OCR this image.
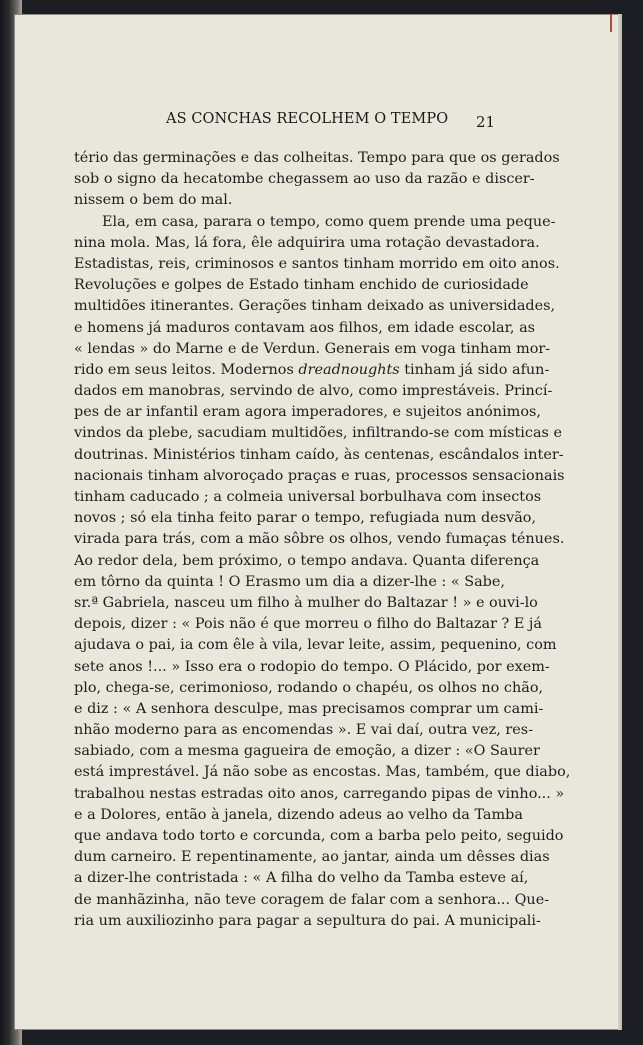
AS CONCHAS RECOLHEM O TEMPO	21
tério das germinações e das colheitas. Tempo para que os gerados
sob o signo da hecatombe chegassem ao uso da razão e discer-
nissem o bem do mal.
Ela, em casa, parara o tempo, como quem prende uma peque-
nina mola. Mas, lá fora, êle adquirira uma rotação devastadora.
Estadistas, reis, criminosos e santos tinham morrido em oito anos.
Revoluções e golpes de Estado tinham enchido de curiosidade
multidões itinerantes. Gerações tinham deixado as universidades,
e homens já maduros contavam aos filhos, em idade escolar, as
« lendas » do Marne e de Verdun. Generais em voga tinham mor-
rido em seus leitos. Modernos dreadnoughts tinham já sido afun-
dados em manobras, servindo de alvo, como imprestáveis. Princí-
pes de ar infantil eram agora imperadores, e sujeitos anónimos,
vindos da plebe, sacudiam multidões, infiltrando-se com místicas e
doutrinas. Ministérios tinham caído, às centenas, escândalos inter-
nacionais tinham alvoroçado praças e ruas, processos sensacionais
tinham caducado ; a colmeia universal borbulhava com insectos
novos ; só ela tinha feito parar o tempo, refugiada num desvão,
virada para trás, com a mão sôbre os olhos, vendo fumaças ténues.
Ao redor dela, bem próximo, o tempo andava. Quanta diferença
em tôrno da quinta ! O Erasmo um dia a dizer-lhe : « Sabe,
sr.ª Gabriela, nasceu um filho à mulher do Baltazar ! » e ouvi-lo
depois, dizer : « Pois não é que morreu o filho do Baltazar ? E já
ajudava o pai, ia com êle à vila, levar leite, assim, pequenino, com
sete anos !... » Isso era o rodopio do tempo. O Plácido, por exem-
plo, chega-se, cerimonioso, rodando o chapéu, os olhos no chão,
e diz : « A senhora desculpe, mas precisamos comprar um cami-
nhão moderno para as encomendas ». E vai daí, outra vez, res-
sabiado, com a mesma gagueira de emoção, a dizer : «O Saurer
está imprestável. Já não sobe as encostas. Mas, também, que diabo,
trabalhou nestas estradas oito anos, carregando pipas de vinho... »
e a Dolores, então à janela, dizendo adeus ao velho da Tamba
que andava todo torto e corcunda, com a barba pelo peito, seguido
dum carneiro. E repentinamente, ao jantar, ainda um dêsses dias
a dizer-lhe contristada : « A filha do velho da Tamba esteve aí,
de manhãzinha, não teve coragem de falar com a senhora... Que-
ria um auxiliozinho para pagar a sepultura do pai. A municipali-
